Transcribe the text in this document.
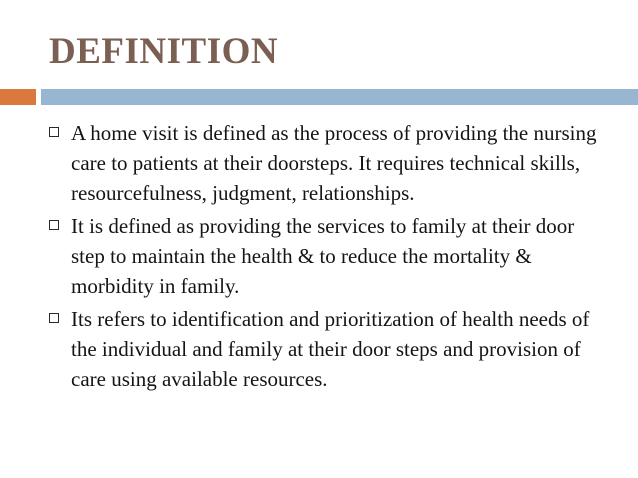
DEFINITION
A home visit is defined as the process of providing the nursing care to patients at their doorsteps. It requires technical skills, resourcefulness, judgment, relationships.
It is defined as providing the services to family at their door step to maintain the health & to reduce the mortality & morbidity in family.
Its refers to identification and prioritization of health needs of the individual and family at their door steps and provision of care using available resources.
